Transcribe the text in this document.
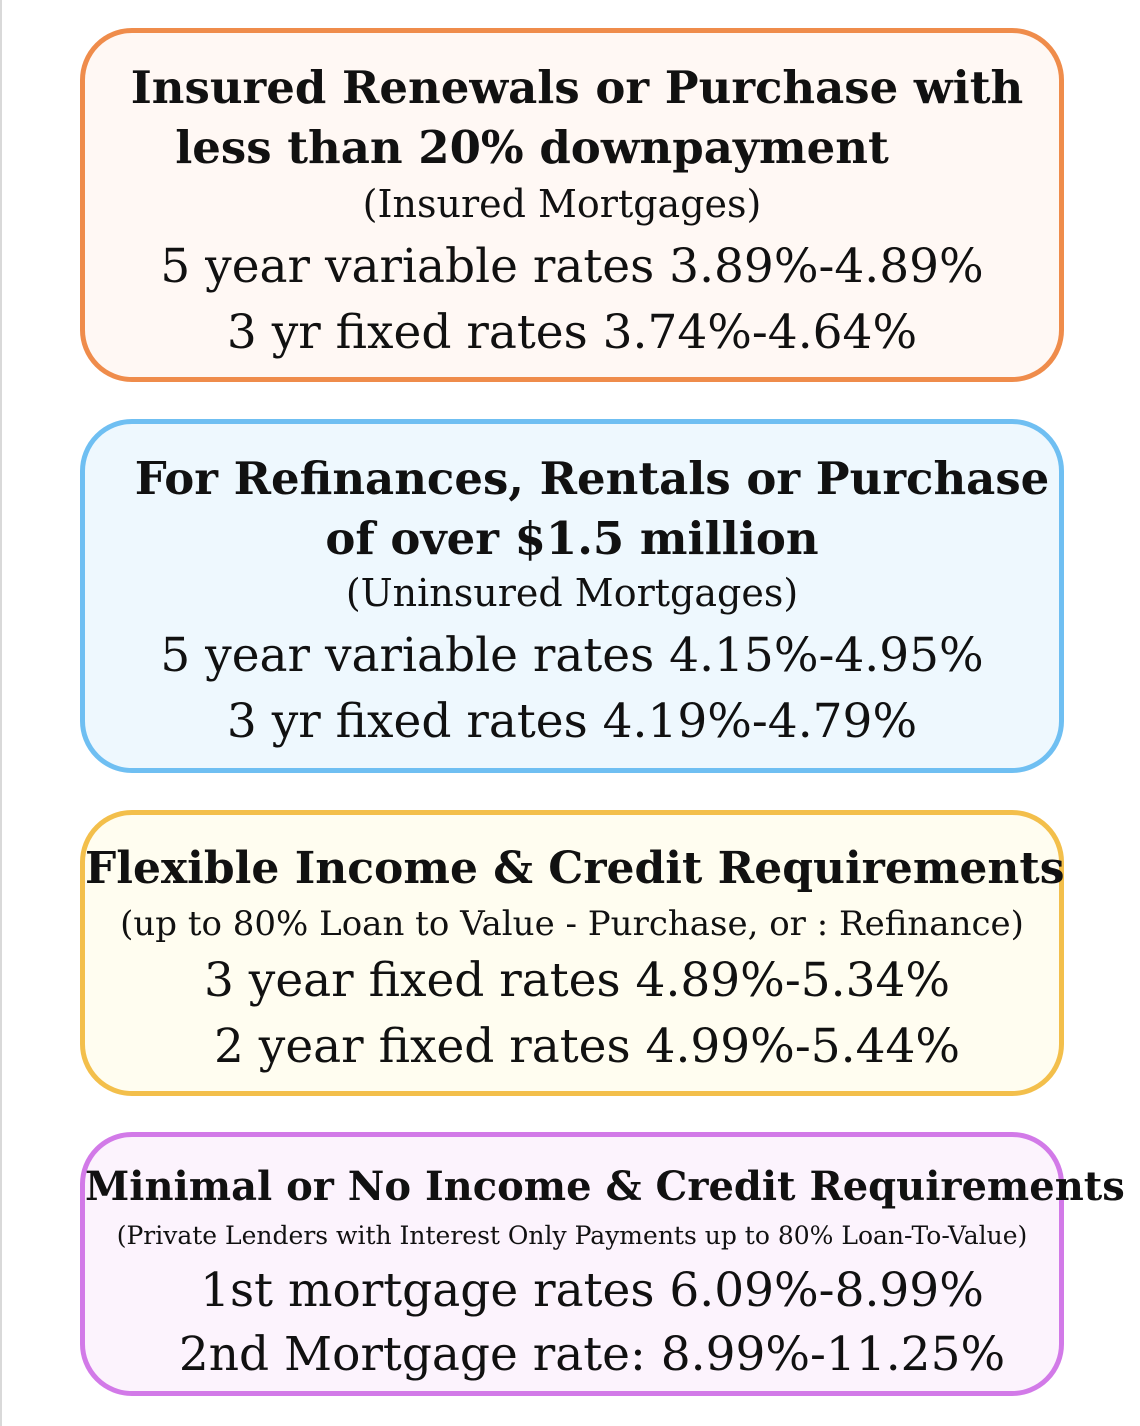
Insured Renewals or Purchase with
less than 20% downpayment
(Insured Mortgages)
5 year variable rates 3.89%-4.89%
3 yr fixed rates 3.74%-4.64%
For Refinances, Rentals or Purchase
of over $1.5 million
(Uninsured Mortgages)
5 year variable rates 4.15%-4.95%
3 yr fixed rates 4.19%-4.79%
Flexible Income & Credit Requirements
(up to 80% Loan to Value - Purchase, or : Refinance)
3 year fixed rates 4.89%-5.34%
2 year fixed rates 4.99%-5.44%
Minimal or No Income & Credit Requirements
(Private Lenders with Interest Only Payments up to 80% Loan-To-Value)
1st mortgage rates 6.09%-8.99%
2nd Mortgage rate: 8.99%-11.25%
